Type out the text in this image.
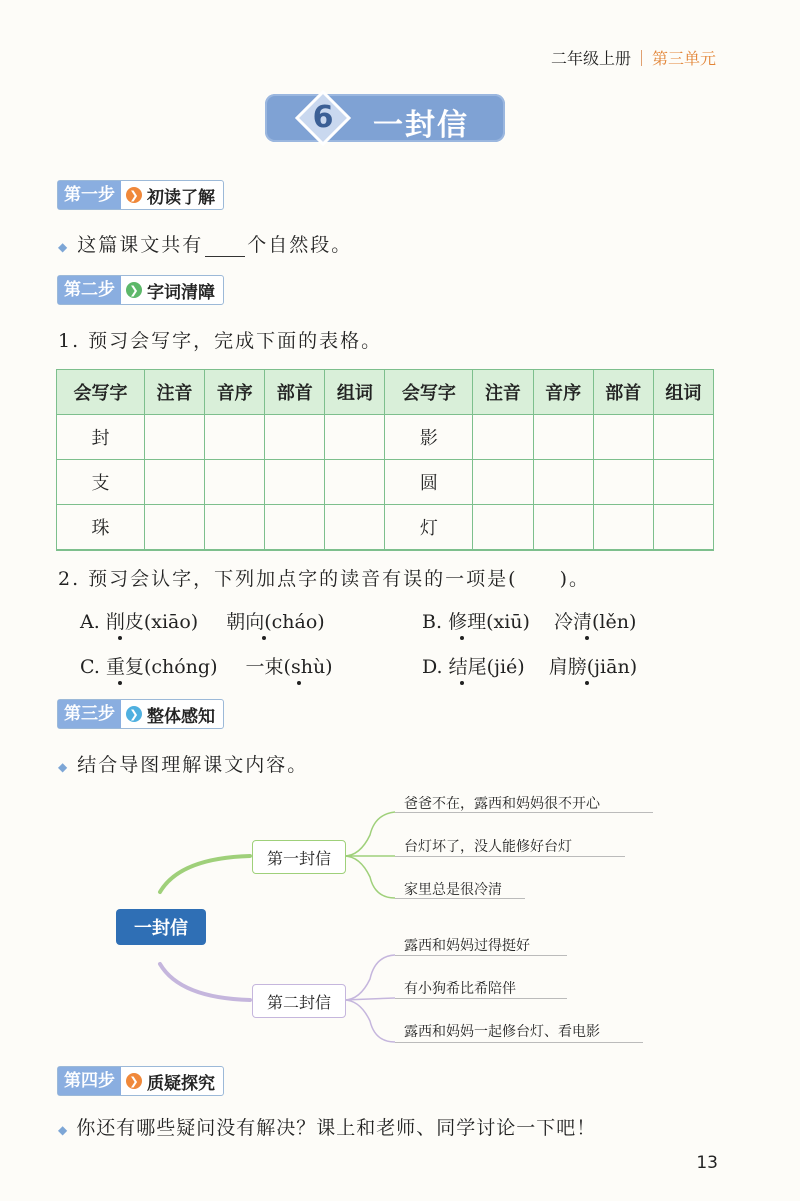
二年级上册 第三单元
6 一封信
第一步	❯ 初读了解
◆ 这篇课文共有 个自然段。
第二步	❯ 字词清障
1. 预习会写字，完成下面的表格。
会写字	注音	音序	部首	组词	会写字	注音	音序	部首	组词
封					影				
支					圆				
珠					灯				
2. 预习会认字，下列加点字的读音有误的一项是(　　)。
A. 削皮(xiāo) 朝向(cháo)	B. 修理(xiū) 冷清(lěn)
C. 重复(chóng) 一束(shù)	D. 结尾(jié) 肩膀(jiān)
第三步	❯ 整体感知
◆ 结合导图理解课文内容。
一封信
第一封信
第二封信
爸爸不在，露西和妈妈很不开心
台灯坏了，没人能修好台灯
家里总是很冷清
露西和妈妈过得挺好
有小狗希比希陪伴
露西和妈妈一起修台灯、看电影
第四步	❯ 质疑探究
◆ 你还有哪些疑问没有解决？课上和老师、同学讨论一下吧！
13
